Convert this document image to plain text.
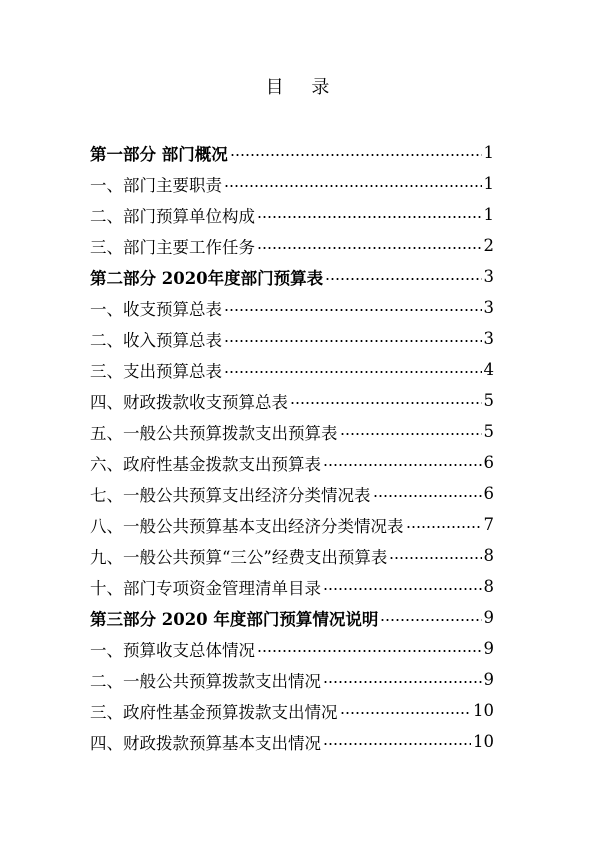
目 录
第一部分 部门概况	1
一、部门主要职责	1
二、部门预算单位构成	1
三、部门主要工作任务	2
第二部分 2020年度部门预算表	3
一、收支预算总表	3
二、收入预算总表	3
三、支出预算总表	4
四、财政拨款收支预算总表	5
五、一般公共预算拨款支出预算表	5
六、政府性基金拨款支出预算表	6
七、一般公共预算支出经济分类情况表	6
八、一般公共预算基本支出经济分类情况表	7
九、一般公共预算“三公”经费支出预算表	8
十、部门专项资金管理清单目录	8
第三部分 2020 年度部门预算情况说明	9
一、预算收支总体情况	9
二、一般公共预算拨款支出情况	9
三、政府性基金预算拨款支出情况	10
四、财政拨款预算基本支出情况	10
